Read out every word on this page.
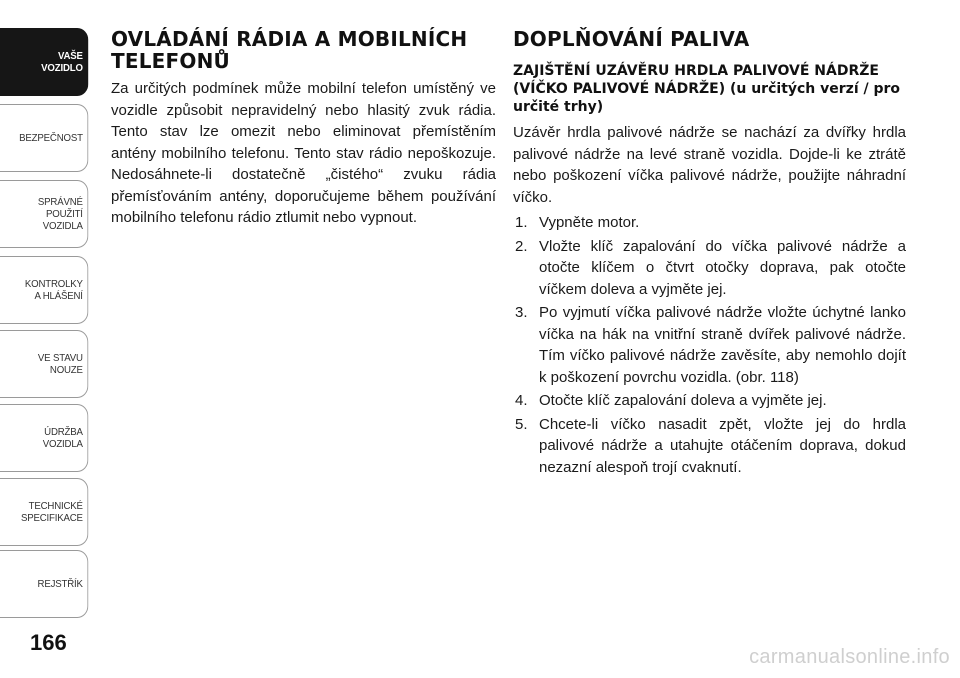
VAŠE
VOZIDLO
BEZPEČNOST
SPRÁVNÉ
POUŽITÍ
VOZIDLA
KONTROLKY
A HLÁŠENÍ
VE STAVU
NOUZE
ÚDRŽBA
VOZIDLA
TECHNICKÉ
SPECIFIKACE
REJSTŘÍK
166
OVLÁDÁNÍ RÁDIA A MOBILNÍCH TELEFONŮ

Za určitých podmínek může mobilní telefon umístěný ve vozidle způsobit nepravidelný nebo hlasitý zvuk rádia. Tento stav lze omezit nebo eliminovat přemístěním antény mobilního telefonu. Tento stav rádio nepoškozuje. Nedosáhnete-li dostatečně „čistého“ zvuku rádia přemísťováním antény, doporučujeme během používání mobilního telefonu rádio ztlumit nebo vypnout.

DOPLŇOVÁNÍ PALIVA
ZAJIŠTĚNÍ UZÁVĚRU HRDLA PALIVOVÉ NÁDRŽE (VÍČKO PALIVOVÉ NÁDRŽE) (u určitých verzí / pro určité trhy)

Uzávěr hrdla palivové nádrže se nachází za dvířky hrdla palivové nádrže na levé straně vozidla. Dojde-li ke ztrátě nebo poškození víčka palivové nádrže, použijte náhradní víčko.

1. Vypněte motor.
2. Vložte klíč zapalování do víčka palivové nádrže a otočte klíčem o čtvrt otočky doprava, pak otočte víčkem doleva a vyjměte jej.
3. Po vyjmutí víčka palivové nádrže vložte úchytné lanko víčka na hák na vnitřní straně dvířek palivové nádrže. Tím víčko palivové nádrže zavěsíte, aby nemohlo dojít k poškození povrchu vozidla. (obr. 118)
4. Otočte klíč zapalování doleva a vyjměte jej.
5. Chcete-li víčko nasadit zpět, vložte jej do hrdla palivové nádrže a utahujte otáčením doprava, dokud nezazní alespoň trojí cvaknutí.
carmanualsonline.info
